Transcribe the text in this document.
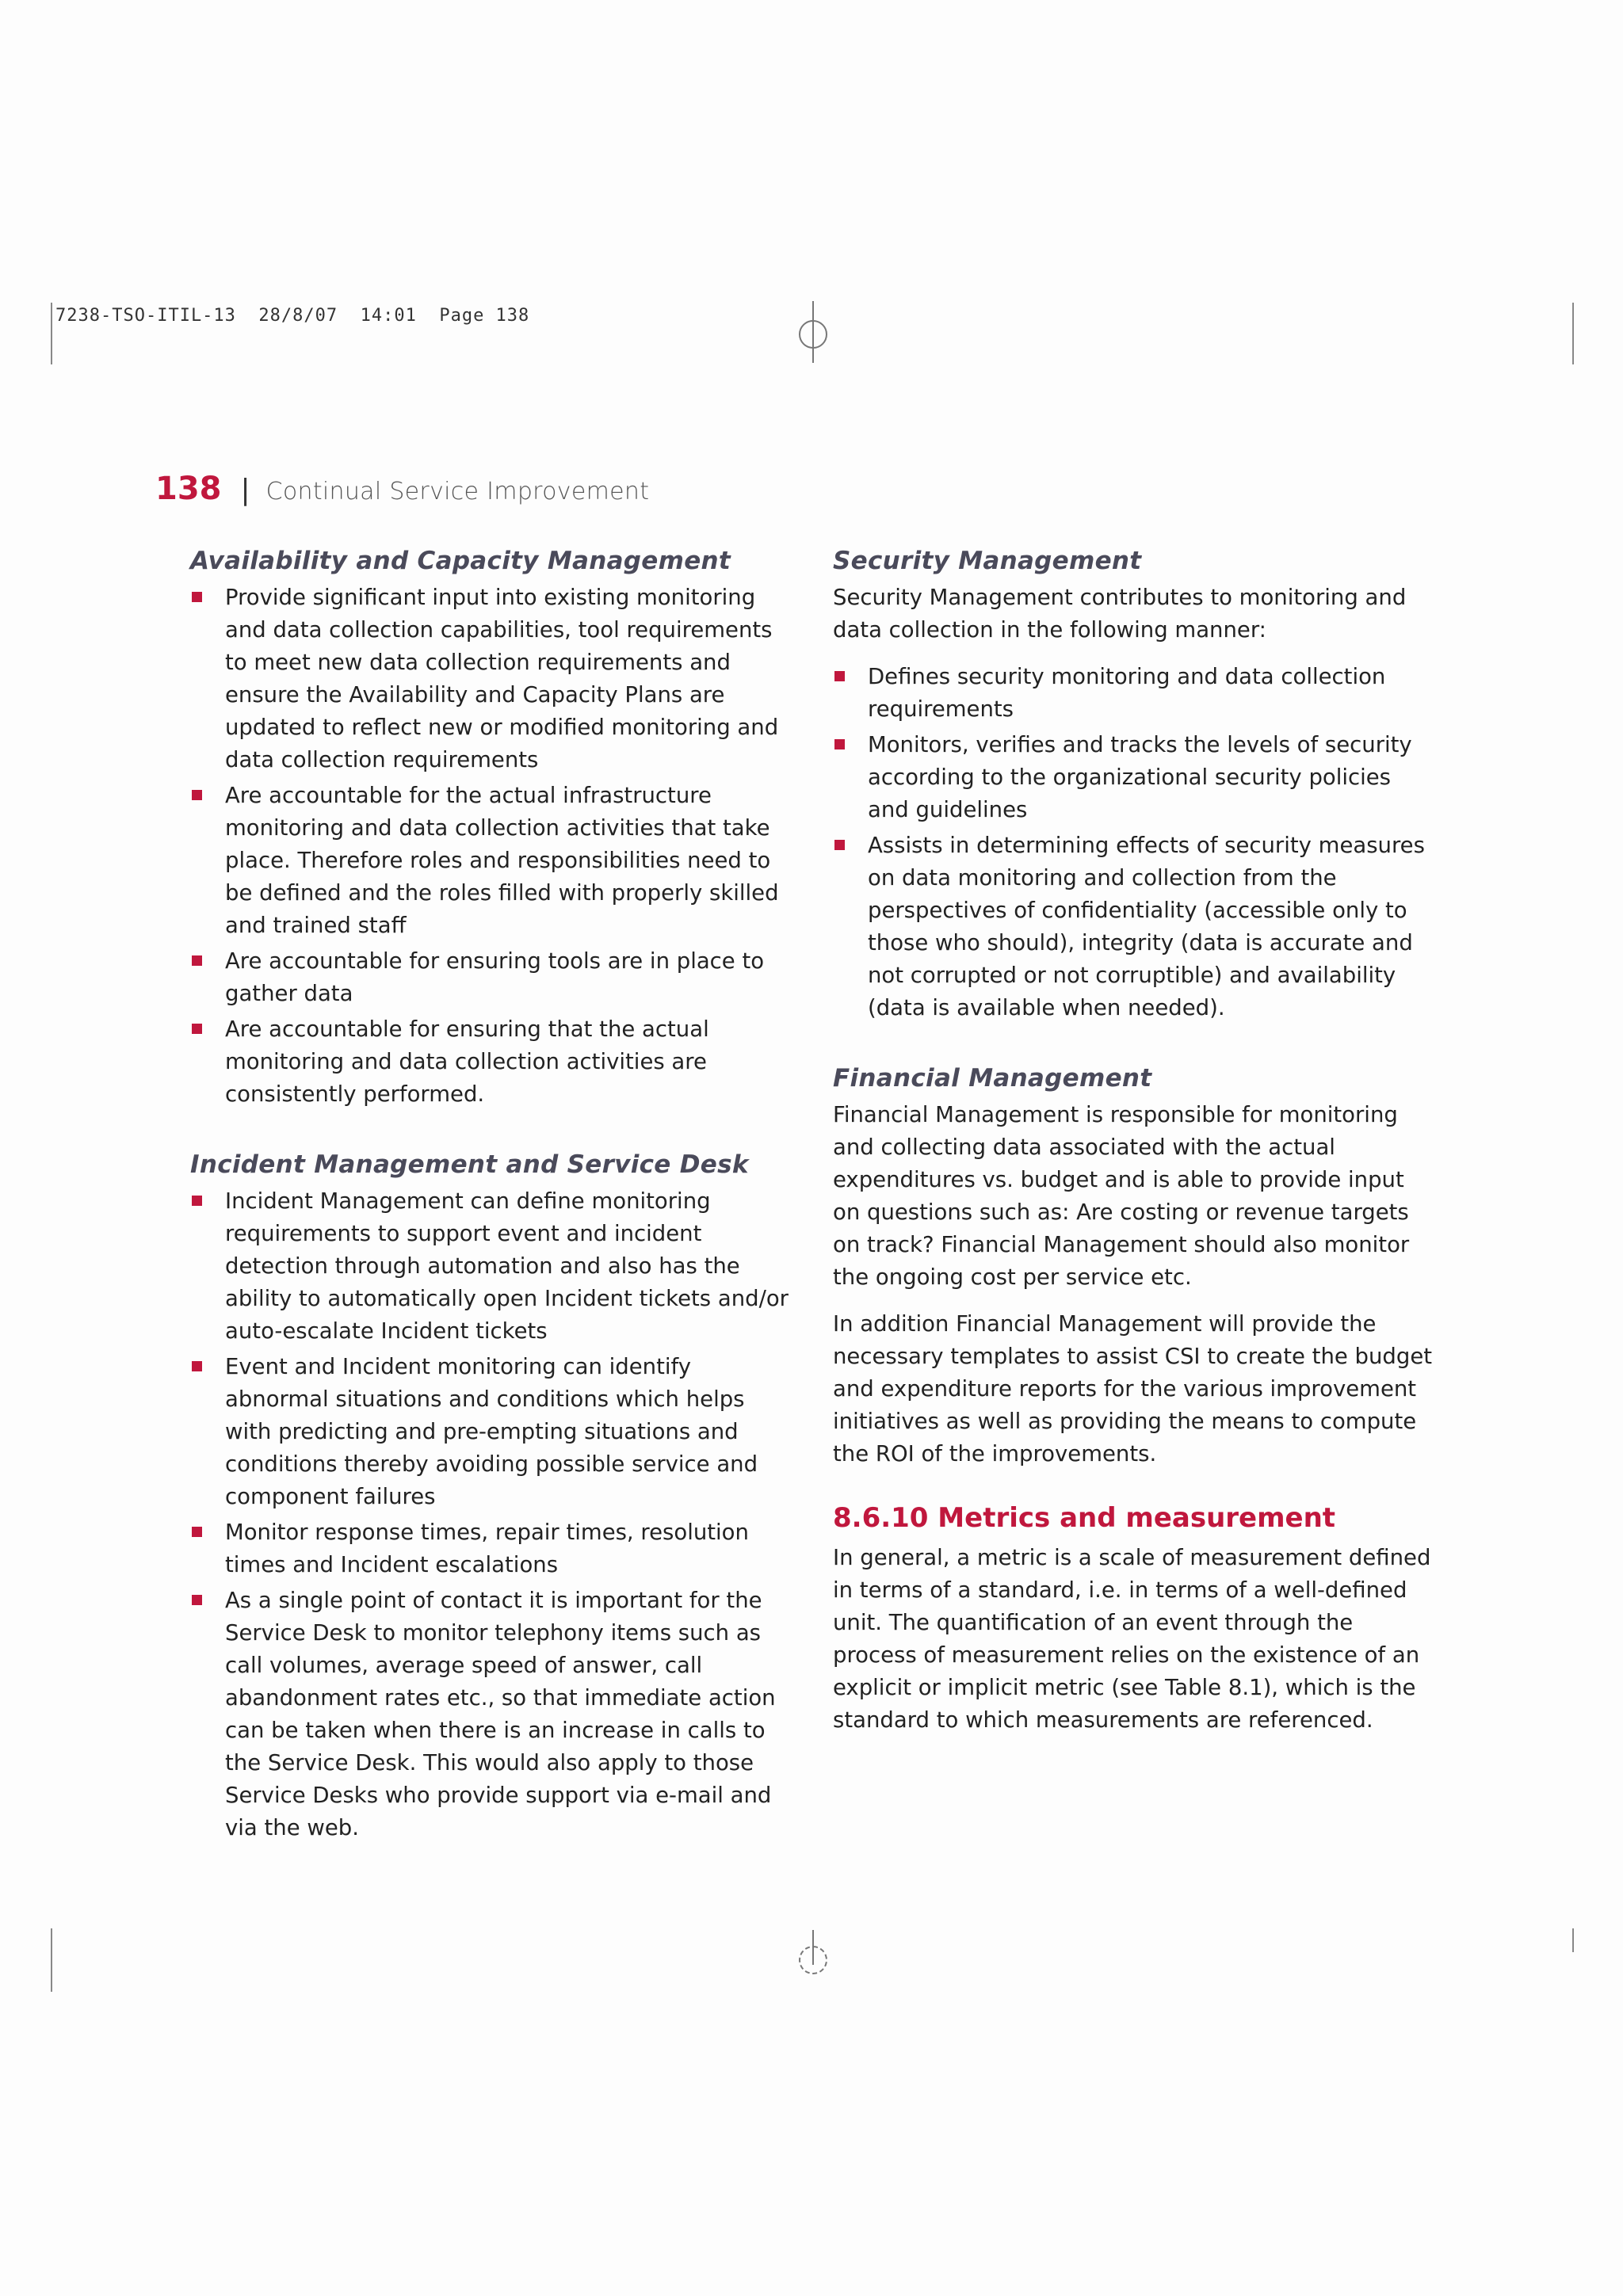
7238-TSO-ITIL-13  28/8/07  14:01  Page 138
138 | Continual Service Improvement
Availability and Capacity Management
Provide significant input into existing monitoring and data collection capabilities, tool requirements to meet new data collection requirements and ensure the Availability and Capacity Plans are updated to reflect new or modified monitoring and data collection requirements
Are accountable for the actual infrastructure monitoring and data collection activities that take place. Therefore roles and responsibilities need to be defined and the roles filled with properly skilled and trained staff
Are accountable for ensuring tools are in place to gather data
Are accountable for ensuring that the actual monitoring and data collection activities are consistently performed.
Incident Management and Service Desk
Incident Management can define monitoring requirements to support event and incident detection through automation and also has the ability to automatically open Incident tickets and/or auto-escalate Incident tickets
Event and Incident monitoring can identify abnormal situations and conditions which helps with predicting and pre-empting situations and conditions thereby avoiding possible service and component failures
Monitor response times, repair times, resolution times and Incident escalations
As a single point of contact it is important for the Service Desk to monitor telephony items such as call volumes, average speed of answer, call abandonment rates etc., so that immediate action can be taken when there is an increase in calls to the Service Desk. This would also apply to those Service Desks who provide support via e-mail and via the web.
Security Management

Security Management contributes to monitoring and data collection in the following manner:

Defines security monitoring and data collection requirements
Monitors, verifies and tracks the levels of security according to the organizational security policies and guidelines
Assists in determining effects of security measures on data monitoring and collection from the perspectives of confidentiality (accessible only to those who should), integrity (data is accurate and not corrupted or not corruptible) and availability (data is available when needed).
Financial Management

Financial Management is responsible for monitoring and collecting data associated with the actual expenditures vs. budget and is able to provide input on questions such as: Are costing or revenue targets on track? Financial Management should also monitor the ongoing cost per service etc.

In addition Financial Management will provide the necessary templates to assist CSI to create the budget and expenditure reports for the various improvement initiatives as well as providing the means to compute the ROI of the improvements.

8.6.10 Metrics and measurement

In general, a metric is a scale of measurement defined in terms of a standard, i.e. in terms of a well-defined unit. The quantification of an event through the process of measurement relies on the existence of an explicit or implicit metric (see Table 8.1), which is the standard to which measurements are referenced.
